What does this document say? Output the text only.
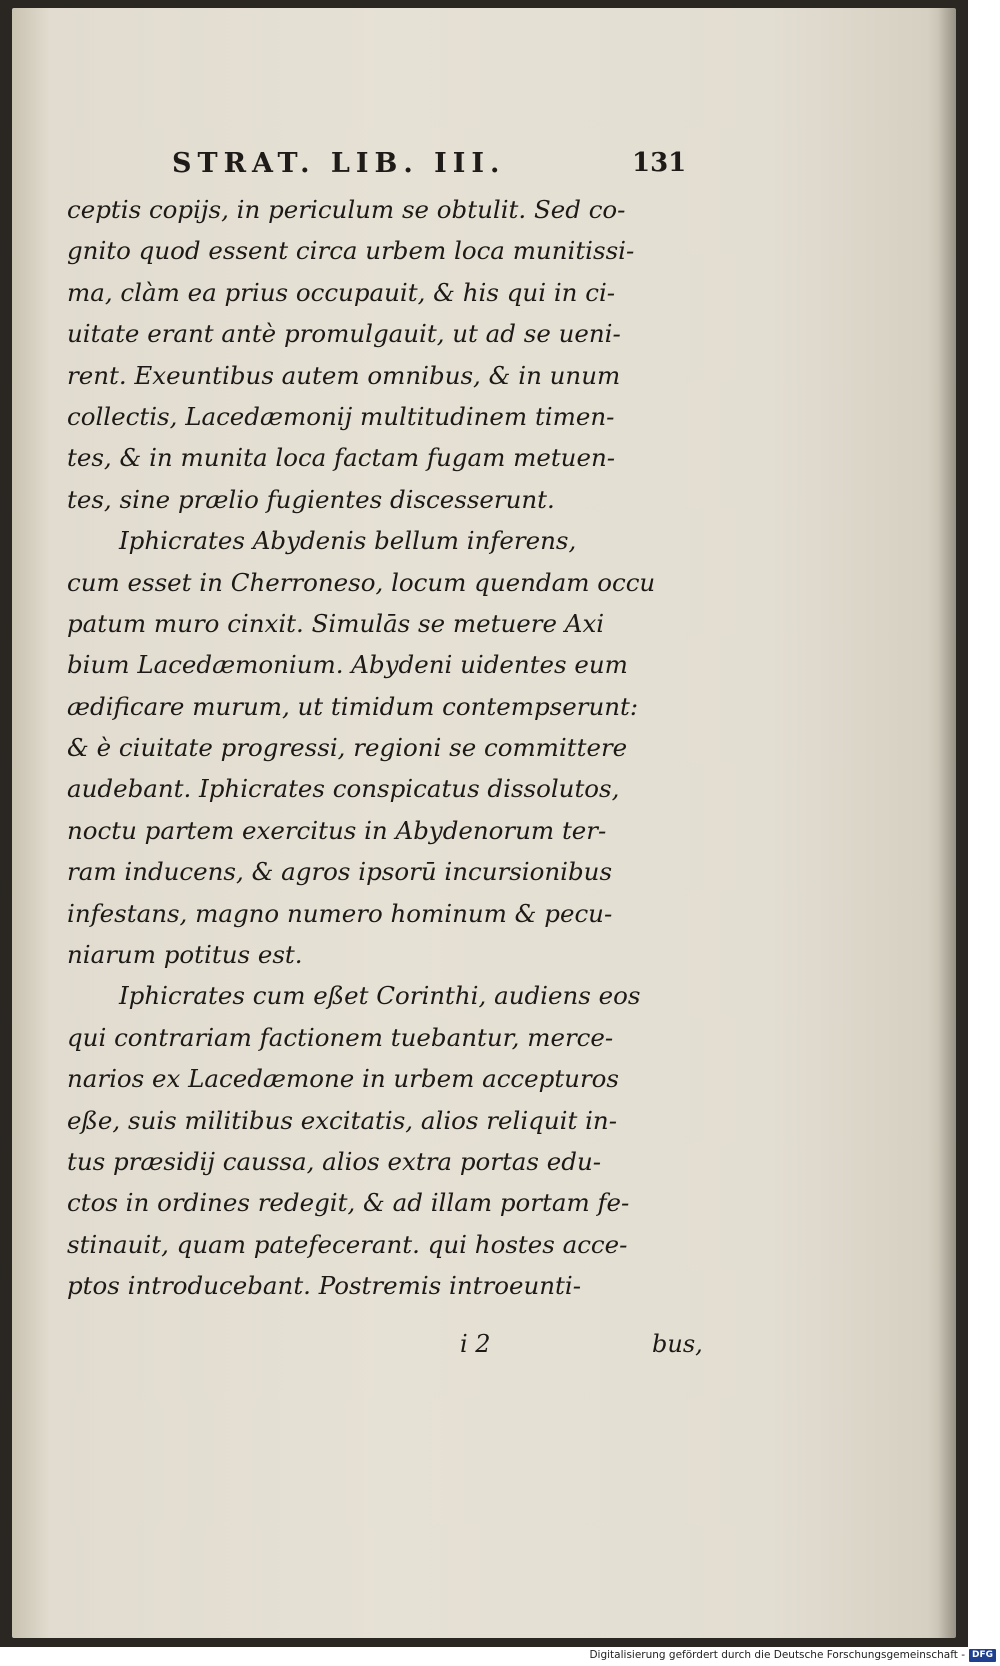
STRAT. LIB. III.	131
ceptis copijs, in periculum se obtulit. Sed co-
gnito quod essent circa urbem loca munitissi-
ma, clàm ea prius occupauit, & his qui in ci-
uitate erant antè promulgauit, ut ad se ueni-
rent. Exeuntibus autem omnibus, & in unum
collectis, Lacedæmonij multitudinem timen-
tes, & in munita loca factam fugam metuen-
tes, sine prælio fugientes discesserunt.
Iphicrates Abydenis bellum inferens,
cum esset in Cherroneso, locum quendam occu
patum muro cinxit. Simulās se metuere Axi
bium Lacedæmonium. Abydeni uidentes eum
ædificare murum, ut timidum contempserunt:
& è ciuitate progressi, regioni se committere
audebant. Iphicrates conspicatus dissolutos,
noctu partem exercitus in Abydenorum ter-
ram inducens, & agros ipsorū incursionibus
infestans, magno numero hominum & pecu-
niarum potitus est.
Iphicrates cum eßet Corinthi, audiens eos
qui contrariam factionem tuebantur, merce-
narios ex Lacedæmone in urbem accepturos
eße, suis militibus excitatis, alios reliquit in-
tus præsidij caussa, alios extra portas edu-
ctos in ordines redegit, & ad illam portam fe-
stinauit, quam patefecerant. qui hostes acce-
ptos introducebant. Postremis introeunti-
i 2	bus,
Digitalisierung gefördert durch die Deutsche Forschungsgemeinschaft - DFG
